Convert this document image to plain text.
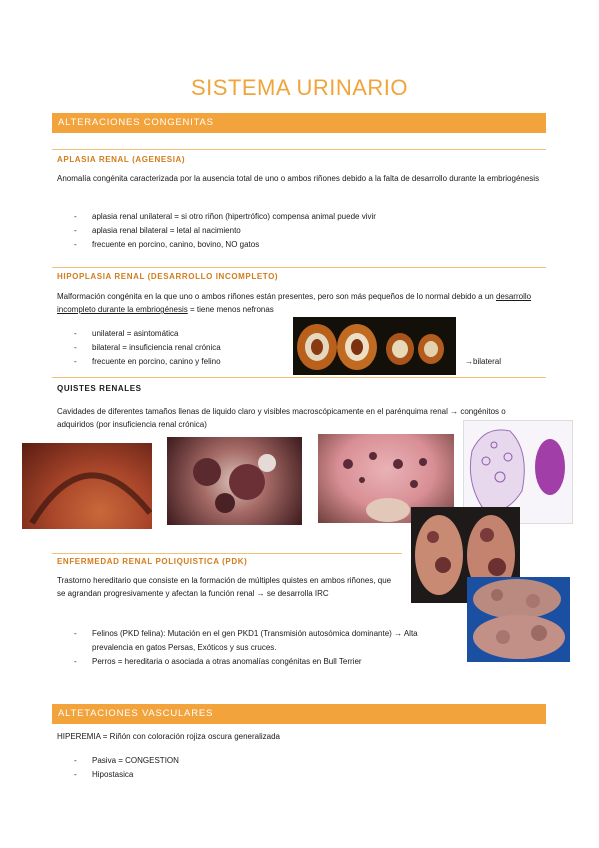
SISTEMA URINARIO
ALTERACIONES CONGENITAS
APLASIA RENAL (AGENESIA)
Anomalía congénita caracterizada por la ausencia total de uno o ambos riñones debido a la falta de desarrollo durante la embriogénesis
- aplasia renal unilateral = si otro riñon (hipertrófico) compensa animal puede vivir
- aplasia renal bilateral = letal al nacimiento
- frecuente en porcino, canino, bovino, NO gatos
HIPOPLASIA RENAL (DESARROLLO INCOMPLETO)
Malformación congénita en la que uno o ambos riñones están presentes, pero son más pequeños de lo normal debido a un desarrollo incompleto durante la embriogénesis = tiene menos nefronas
- unilateral = asintomática
- bilateral = insuficiencia renal crónica
- frecuente en porcino, canino y felino	→bilateral
QUISTES RENALES
Cavidades de diferentes tamaños llenas de liquido claro y visibles macroscópicamente en el parénquima renal → congénitos o adquiridos (por insuficiencia renal crónica)
ENFERMEDAD RENAL POLIQUISTICA (PDK)
Trastorno hereditario que consiste en la formación de múltiples quistes en ambos riñones, que se agrandan progresivamente y afectan la función renal → se desarrolla IRC
- Felinos (PKD felina): Mutación en el gen PKD1 (Transmisión autosómica dominante) → Alta prevalencia en gatos Persas, Exóticos y sus cruces.
- Perros = hereditaria o asociada a otras anomalías congénitas en Bull Terrier
ALTETACIONES VASCULARES
HIPEREMIA = Riñón con coloración rojiza oscura generalizada
- Pasiva = CONGESTION
- Hipostasica
